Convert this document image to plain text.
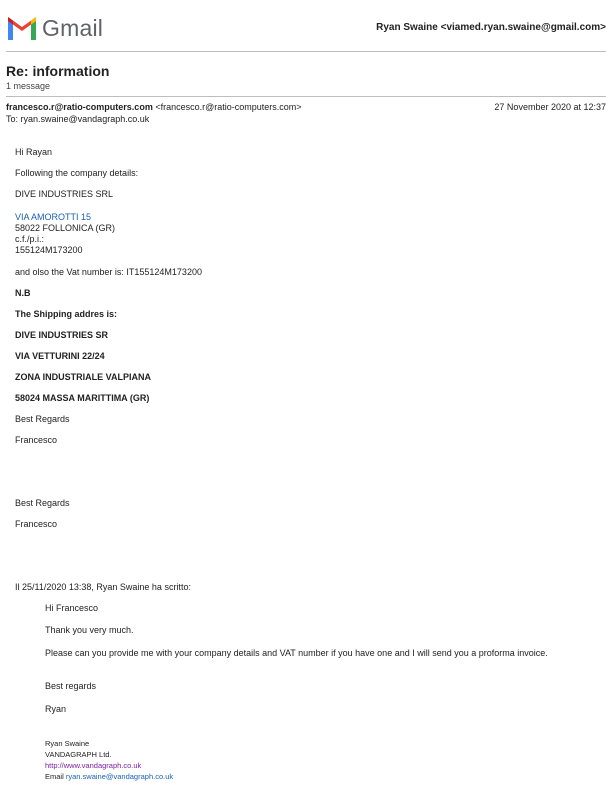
Gmail	Ryan Swaine <viamed.ryan.swaine@gmail.com>
Re: information
1 message
francesco.r@ratio-computers.com <francesco.r@ratio-computers.com>	27 November 2020 at 12:37
To: ryan.swaine@vandagraph.co.uk
Hi Rayan
Following the company details:
DIVE INDUSTRIES SRL
VIA AMOROTTI 15
58022 FOLLONICA (GR)
c.f./p.i.:
155124M173200
and olso the Vat number is: IT155124M173200
N.B
The Shipping addres is:
DIVE INDUSTRIES SR
VIA VETTURINI 22/24
ZONA INDUSTRIALE VALPIANA
58024 MASSA MARITTIMA (GR)
Best Regards
Francesco
Best Regards
Francesco
Il 25/11/2020 13:38, Ryan Swaine ha scritto:
Hi Francesco
Thank you very much.
Please can you provide me with your company details and VAT number if you have one and I will send you a proforma invoice.
Best regards
Ryan
Ryan Swaine
VANDAGRAPH Ltd.
http://www.vandagraph.co.uk
Email ryan.swaine@vandagraph.co.uk
